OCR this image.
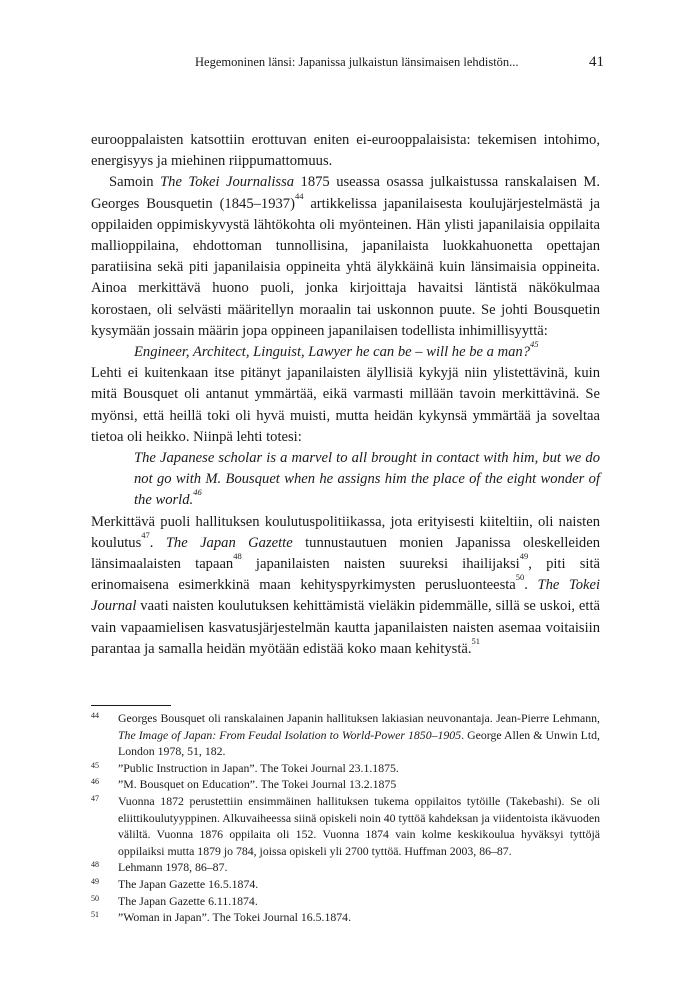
Hegemoninen länsi: Japanissa julkaistun länsimaisen lehdistön...	41

eurooppalaisten katsottiin erottuvan eniten ei-eurooppalaisista: tekemisen intohimo, energisyys ja miehinen riippumattomuus.

Samoin The Tokei Journalissa 1875 useassa osassa julkaistussa ranskalaisen M. Georges Bousquetin (1845–1937)$^{44}$ artikkelissa japanilaisesta koulujärjestelmästä ja oppilaiden oppimiskyvystä lähtökohta oli myönteinen. Hän ylisti japanilaisia oppilaita mallioppilaina, ehdottoman tunnollisina, japanilaista luokkahuonetta opettajan paratiisina sekä piti japanilaisia oppineita yhtä älykkäinä kuin länsimaisia oppineita. Ainoa merkittävä huono puoli, jonka kirjoittaja havaitsi läntistä näkökulmaa korostaen, oli selvästi määritellyn moraalin tai uskonnon puute. Se johti Bousquetin kysymään jossain määrin jopa oppineen japanilaisen todellista inhimillisyyttä:

Engineer, Architect, Linguist, Lawyer he can be – will he be a man?$^{45}$

Lehti ei kuitenkaan itse pitänyt japanilaisten älyllisiä kykyjä niin ylistettävinä, kuin mitä Bousquet oli antanut ymmärtää, eikä varmasti millään tavoin merkittävinä. Se myönsi, että heillä toki oli hyvä muisti, mutta heidän kykynsä ymmärtää ja soveltaa tietoa oli heikko. Niinpä lehti totesi:

The Japanese scholar is a marvel to all brought in contact with him, but we do not go with M. Bousquet when he assigns him the place of the eight wonder of the world.$^{46}$

Merkittävä puoli hallituksen koulutuspolitiikassa, jota erityisesti kiiteltiin, oli naisten koulutus$^{47}$. The Japan Gazette tunnustautuen monien Japanissa oleskelleiden länsimaalaisten tapaan$^{48}$ japanilaisten naisten suureksi ihailijaksi$^{49}$, piti sitä erinomaisena esimerkkinä maan kehityspyrkimysten perusluonteesta$^{50}$. The Tokei Journal vaati naisten koulutuksen kehittämistä vieläkin pidemmälle, sillä se uskoi, että vain vapaamielisen kasvatusjärjestelmän kautta japanilaisten naisten asemaa voitaisiin parantaa ja samalla heidän myötään edistää koko maan kehitystä.$^{51}$

44	Georges Bousquet oli ranskalainen Japanin hallituksen lakiasian neuvonantaja. Jean-Pierre Lehmann, The Image of Japan: From Feudal Isolation to World-Power 1850–1905. George Allen & Unwin Ltd, London 1978, 51, 182.
45	”Public Instruction in Japan”. The Tokei Journal 23.1.1875.
46	”M. Bousquet on Education”. The Tokei Journal 13.2.1875
47	Vuonna 1872 perustettiin ensimmäinen hallituksen tukema oppilaitos tytöille (Takebashi). Se oli eliittikoulutyyppinen. Alkuvaiheessa siinä opiskeli noin 40 tyttöä kahdeksan ja viidentoista ikävuoden väliltä. Vuonna 1876 oppilaita oli 152. Vuonna 1874 vain kolme keskikoulua hyväksyi tyttöjä oppilaiksi mutta 1879 jo 784, joissa opiskeli yli 2700 tyttöä. Huffman 2003, 86–87.
48	Lehmann 1978, 86–87.
49	The Japan Gazette 16.5.1874.
50	The Japan Gazette 6.11.1874.
51	”Woman in Japan”. The Tokei Journal 16.5.1874.
